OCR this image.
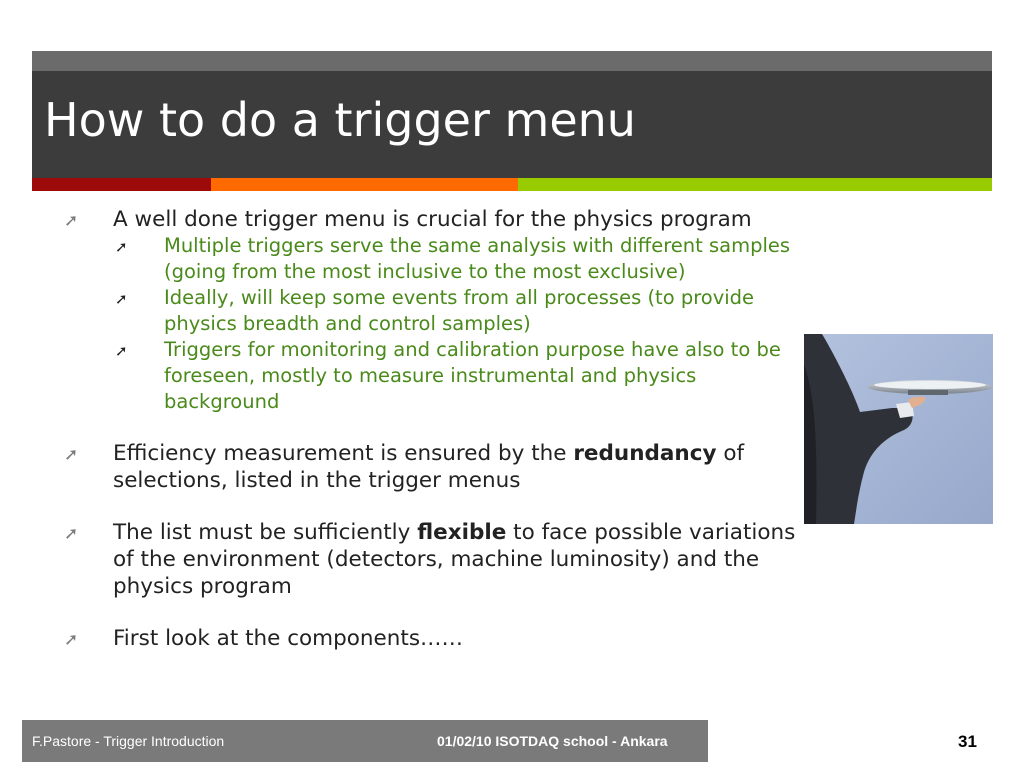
How to do a trigger menu
➚	A well done trigger menu is crucial for the physics program
➚	Multiple triggers serve the same analysis with different samples (going from the most inclusive to the most exclusive)
➚	Ideally, will keep some events from all processes (to provide physics breadth and control samples)
➚	Triggers for monitoring and calibration purpose have also to be foreseen, mostly to measure instrumental and physics background
➚	Efficiency measurement is ensured by the redundancy of selections, listed in the trigger menus
➚	The list must be sufficiently flexible to face possible variations of the environment (detectors, machine luminosity) and the physics program
➚	First look at the components……
F.Pastore - Trigger Introduction	01/02/10 ISOTDAQ school - Ankara	31
